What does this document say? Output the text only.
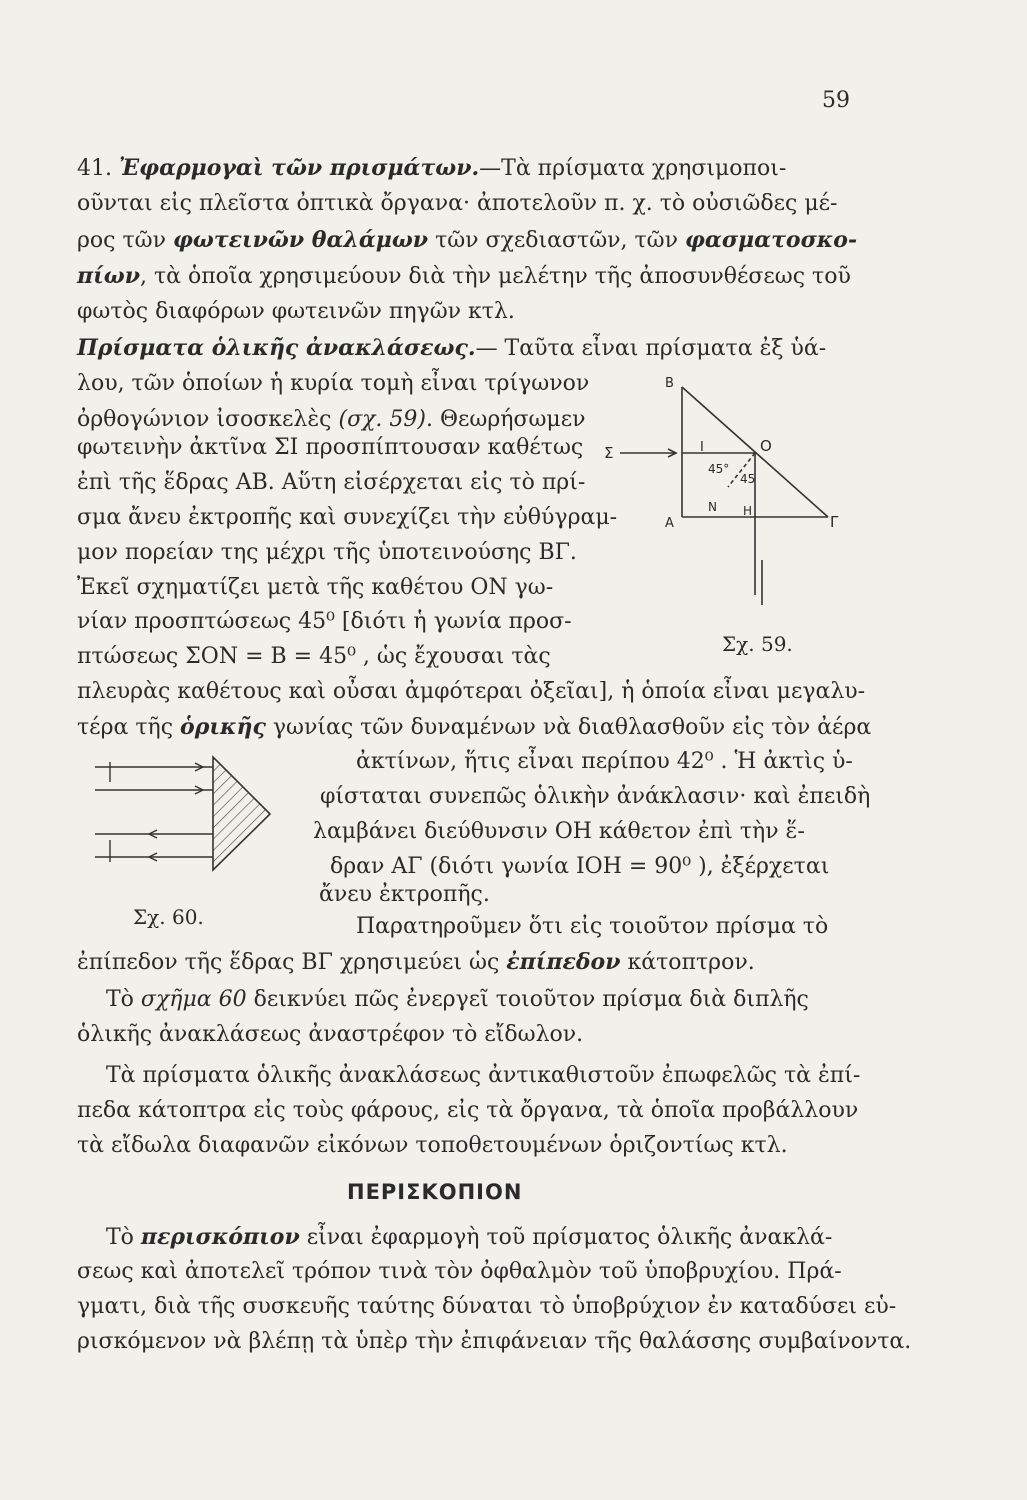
59
41. Ἐφαρμογαὶ τῶν πρισμάτων.—Τὰ πρίσματα χρησιμοποι-
οῦνται εἰς πλεῖστα ὀπτικὰ ὄργανα· ἀποτελοῦν π. χ. τὸ οὐσιῶδες μέ-
ρος τῶν φωτεινῶν θαλάμων τῶν σχεδιαστῶν, τῶν φασματοσκο-
πίων, τὰ ὁποῖα χρησιμεύουν διὰ τὴν μελέτην τῆς ἀποσυνθέσεως τοῦ
φωτὸς διαφόρων φωτεινῶν πηγῶν κτλ.
Πρίσματα ὁλικῆς ἀνακλάσεως.— Ταῦτα εἶναι πρίσματα ἐξ ὑά-
λου, τῶν ὁποίων ἡ κυρία τομὴ εἶναι τρίγωνον
ὀρθογώνιον ἰσοσκελὲς (σχ. 59). Θεωρήσωμεν
φωτεινὴν ἀκτῖνα ΣΙ προσπίπτουσαν καθέτως
ἐπὶ τῆς ἕδρας ΑΒ. Αὕτη εἰσέρχεται εἰς τὸ πρί-
σμα ἄνευ ἐκτροπῆς καὶ συνεχίζει τὴν εὐθύγραμ-
μον πορείαν της μέχρι τῆς ὑποτεινούσης ΒΓ.
Ἐκεῖ σχηματίζει μετὰ τῆς καθέτου ΟΝ γω-
νίαν προσπτώσεως 45⁰ [διότι ἡ γωνία προσ-
πτώσεως ΣΟΝ = Β = 45⁰ , ὡς ἔχουσαι τὰς
πλευρὰς καθέτους καὶ οὖσαι ἀμφότεραι ὀξεῖαι], ἡ ὁποία εἶναι μεγαλυ-
τέρα τῆς ὁρικῆς γωνίας τῶν δυναμένων νὰ διαθλασθοῦν εἰς τὸν ἀέρα
ἀκτίνων, ἥτις εἶναι περίπου 42⁰ . Ἡ ἀκτὶς ὑ-
φίσταται συνεπῶς ὁλικὴν ἀνάκλασιν· καὶ ἐπειδὴ
λαμβάνει διεύθυνσιν ΟΗ κάθετον ἐπὶ τὴν ἕ-
δραν ΑΓ (διότι γωνία ΙΟΗ = 90⁰ ), ἐξέρχεται
ἄνευ ἐκτροπῆς.
Παρατηροῦμεν ὅτι εἰς τοιοῦτον πρίσμα τὸ
ἐπίπεδον τῆς ἕδρας ΒΓ χρησιμεύει ὡς ἐπίπεδον κάτοπτρον.
Τὸ σχῆμα 60 δεικνύει πῶς ἐνεργεῖ τοιοῦτον πρίσμα διὰ διπλῆς
ὁλικῆς ἀνακλάσεως ἀναστρέφον τὸ εἴδωλον.
Τὰ πρίσματα ὁλικῆς ἀνακλάσεως ἀντικαθιστοῦν ἐπωφελῶς τὰ ἐπί-
πεδα κάτοπτρα εἰς τοὺς φάρους, εἰς τὰ ὄργανα, τὰ ὁποῖα προβάλλουν
τὰ εἴδωλα διαφανῶν εἰκόνων τοποθετουμένων ὁριζοντίως κτλ.
ΠΕΡΙΣΚΟΠΙΟΝ
Τὸ περισκόπιον εἶναι ἐφαρμογὴ τοῦ πρίσματος ὁλικῆς ἀνακλά-
σεως καὶ ἀποτελεῖ τρόπον τινὰ τὸν ὀφθαλμὸν τοῦ ὑποβρυχίου. Πρά-
γματι, διὰ τῆς συσκευῆς ταύτης δύναται τὸ ὑποβρύχιον ἐν καταδύσει εὑ-
ρισκόμενον νὰ βλέπῃ τὰ ὑπὲρ τὴν ἐπιφάνειαν τῆς θαλάσσης συμβαίνοντα.
B
Σ	I	O
A	Γ
N H
45°
45
Σχ. 59.
Σχ. 60.
